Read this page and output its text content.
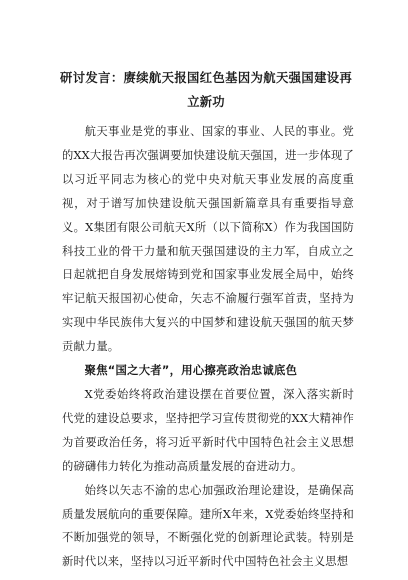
研讨发言：赓续航天报国红色基因为航天强国建设再立新功

航天事业是党的事业、国家的事业、人民的事业。党的XX大报告再次强调要加快建设航天强国，进一步体现了以习近平同志为核心的党中央对航天事业发展的高度重视，对于谱写加快建设航天强国新篇章具有重要指导意义。X集团有限公司航天X所（以下简称X）作为我国国防科技工业的骨干力量和航天强国建设的主力军，自成立之日起就把自身发展熔铸到党和国家事业发展全局中，始终牢记航天报国初心使命，矢志不渝履行强军首责，坚持为实现中华民族伟大复兴的中国梦和建设航天强国的航天梦贡献力量。

聚焦“国之大者”，用心擦亮政治忠诚底色

X党委始终将政治建设摆在首要位置，深入落实新时代党的建设总要求，坚持把学习宣传贯彻党的XX大精神作为首要政治任务，将习近平新时代中国特色社会主义思想的磅礴伟力转化为推动高质量发展的奋进动力。

始终以矢志不渝的忠心加强政治理论建设，是确保高质量发展航向的重要保障。建所X年来，X党委始终坚持和不断加强党的领导，不断强化党的创新理论武装。特别是新时代以来，坚持以习近平新时代中国特色社会主义思想
